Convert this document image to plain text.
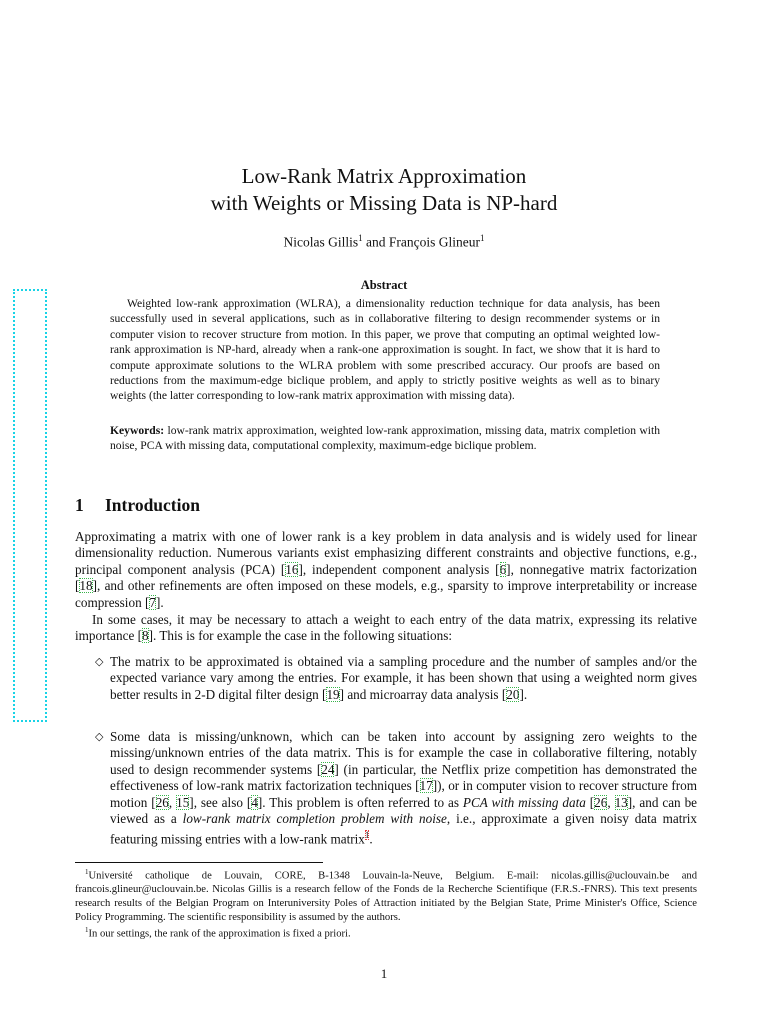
Low-Rank Matrix Approximation
with Weights or Missing Data is NP-hard
Nicolas Gillis$^1$ and François Glineur$^1$
Abstract
Weighted low-rank approximation (WLRA), a dimensionality reduction technique for data analysis, has been successfully used in several applications, such as in collaborative filtering to design recommender systems or in computer vision to recover structure from motion. In this paper, we prove that computing an optimal weighted low-rank approximation is NP-hard, already when a rank-one approximation is sought. In fact, we show that it is hard to compute approximate solutions to the WLRA problem with some prescribed accuracy. Our proofs are based on reductions from the maximum-edge biclique problem, and apply to strictly positive weights as well as to binary weights (the latter corresponding to low-rank matrix approximation with missing data).
Keywords: low-rank matrix approximation, weighted low-rank approximation, missing data, matrix completion with noise, PCA with missing data, computational complexity, maximum-edge biclique problem.
1 Introduction

Approximating a matrix with one of lower rank is a key problem in data analysis and is widely used for linear dimensionality reduction. Numerous variants exist emphasizing different constraints and objective functions, e.g., principal component analysis (PCA) [16], independent component analysis [6], nonnegative matrix factorization [18], and other refinements are often imposed on these models, e.g., sparsity to improve interpretability or increase compression [7].

In some cases, it may be necessary to attach a weight to each entry of the data matrix, expressing its relative importance [8]. This is for example the case in the following situations:

◇ The matrix to be approximated is obtained via a sampling procedure and the number of samples and/or the expected variance vary among the entries. For example, it has been shown that using a weighted norm gives better results in 2-D digital filter design [19] and microarray data analysis [20].
◇ Some data is missing/unknown, which can be taken into account by assigning zero weights to the missing/unknown entries of the data matrix. This is for example the case in collaborative filtering, notably used to design recommender systems [24] (in particular, the Netflix prize competition has demonstrated the effectiveness of low-rank matrix factorization techniques [17]), or in computer vision to recover structure from motion [26, 15], see also [4]. This problem is often referred to as PCA with missing data [26, 13], and can be viewed as a low-rank matrix completion problem with noise, i.e., approximate a given noisy data matrix featuring missing entries with a low-rank matrix$^1$.

$^1$Université catholique de Louvain, CORE, B-1348 Louvain-la-Neuve, Belgium. E-mail: nicolas.gillis@uclouvain.be and francois.glineur@uclouvain.be. Nicolas Gillis is a research fellow of the Fonds de la Recherche Scientifique (F.R.S.-FNRS). This text presents research results of the Belgian Program on Interuniversity Poles of Attraction initiated by the Belgian State, Prime Minister's Office, Science Policy Programming. The scientific responsibility is assumed by the authors.

$^1$In our settings, the rank of the approximation is fixed a priori.

1
